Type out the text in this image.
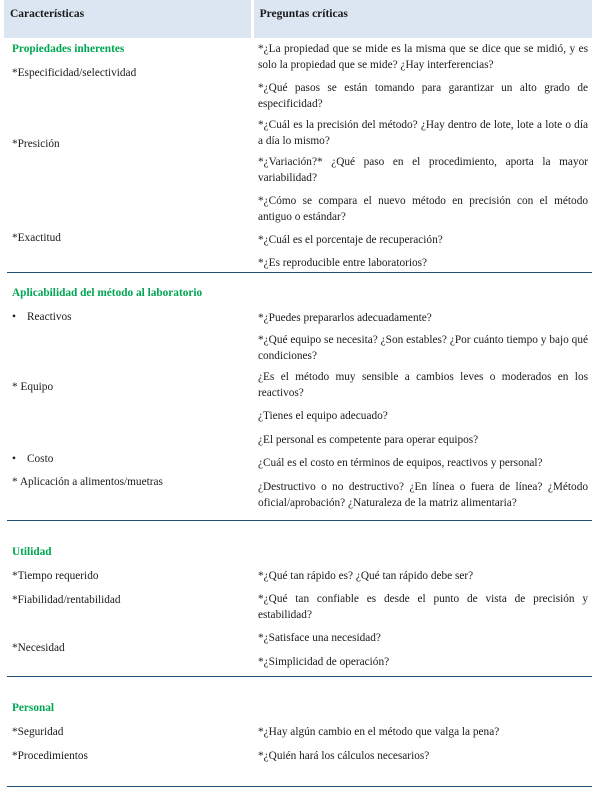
Características	Preguntas críticas
Propiedades inherentes
*Especificidad/selectividad
*Presición
*Exactitud
*¿La propiedad que se mide es la misma que se dice que se midió, y es solo la propiedad que se mide? ¿Hay interferencias?
*¿Qué pasos se están tomando para garantizar un alto grado de especificidad?
*¿Cuál es la precisión del método? ¿Hay dentro de lote, lote a lote o día a día lo mismo?
*¿Variación?* ¿Qué paso en el procedimiento, aporta la mayor variabilidad?
*¿Cómo se compara el nuevo método en precisión con el método antiguo o estándar?
*¿Cuál es el porcentaje de recuperación?
*¿Es reproducible entre laboratorios?
Aplicabilidad del método al laboratorio
• Reactivos
* Equipo
• Costo
* Aplicación a alimentos/muetras
*¿Puedes prepararlos adecuadamente?
*¿Qué equipo se necesita? ¿Son estables? ¿Por cuánto tiempo y bajo qué condiciones?
¿Es el método muy sensible a cambios leves o moderados en los reactivos?
¿Tienes el equipo adecuado?
¿El personal es competente para operar equipos?
¿Cuál es el costo en términos de equipos, reactivos y personal?
¿Destructivo o no destructivo? ¿En línea o fuera de línea? ¿Método oficial/aprobación? ¿Naturaleza de la matriz alimentaria?
Utilidad
*Tiempo requerido
*Fiabilidad/rentabilidad
*Necesidad
*¿Qué tan rápido es? ¿Qué tan rápido debe ser?
*¿Qué tan confiable es desde el punto de vista de precisión y estabilidad?
*¿Satisface una necesidad?
*¿Simplicidad de operación?
Personal
*Seguridad
*Procedimientos
*¿Hay algún cambio en el método que valga la pena?
*¿Quién hará los cálculos necesarios?
